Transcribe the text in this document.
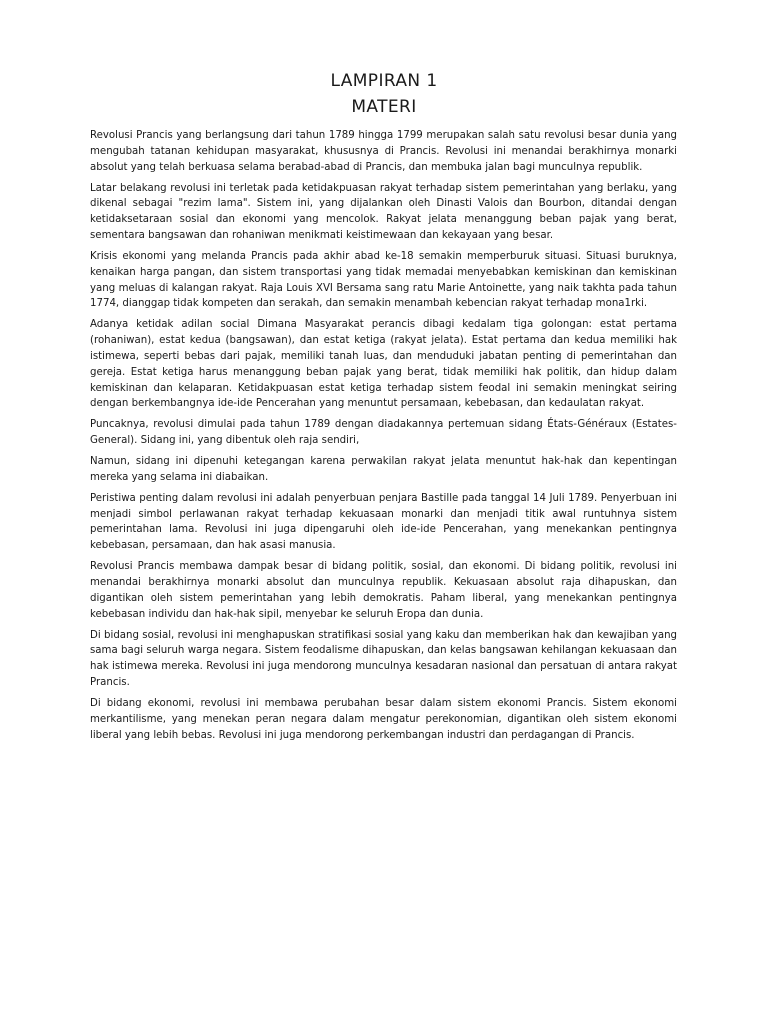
LAMPIRAN 1
MATERI

Revolusi Prancis yang berlangsung dari tahun 1789 hingga 1799 merupakan salah satu revolusi besar dunia yang mengubah tatanan kehidupan masyarakat, khususnya di Prancis. Revolusi ini menandai berakhirnya monarki absolut yang telah berkuasa selama berabad-abad di Prancis, dan membuka jalan bagi munculnya republik.

Latar belakang revolusi ini terletak pada ketidakpuasan rakyat terhadap sistem pemerintahan yang berlaku, yang dikenal sebagai "rezim lama". Sistem ini, yang dijalankan oleh Dinasti Valois dan Bourbon, ditandai dengan ketidaksetaraan sosial dan ekonomi yang mencolok. Rakyat jelata menanggung beban pajak yang berat, sementara bangsawan dan rohaniwan menikmati keistimewaan dan kekayaan yang besar.

Krisis ekonomi yang melanda Prancis pada akhir abad ke-18 semakin memperburuk situasi. Situasi buruknya, kenaikan harga pangan, dan sistem transportasi yang tidak memadai menyebabkan kemiskinan dan kemiskinan yang meluas di kalangan rakyat. Raja Louis XVI Bersama sang ratu Marie Antoinette, yang naik takhta pada tahun 1774, dianggap tidak kompeten dan serakah, dan semakin menambah kebencian rakyat terhadap mona1rki.

Adanya ketidak adilan social Dimana Masyarakat perancis dibagi kedalam tiga golongan: estat pertama (rohaniwan), estat kedua (bangsawan), dan estat ketiga (rakyat jelata). Estat pertama dan kedua memiliki hak istimewa, seperti bebas dari pajak, memiliki tanah luas, dan menduduki jabatan penting di pemerintahan dan gereja. Estat ketiga harus menanggung beban pajak yang berat, tidak memiliki hak politik, dan hidup dalam kemiskinan dan kelaparan. Ketidakpuasan estat ketiga terhadap sistem feodal ini semakin meningkat seiring dengan berkembangnya ide-ide Pencerahan yang menuntut persamaan, kebebasan, dan kedaulatan rakyat.

Puncaknya, revolusi dimulai pada tahun 1789 dengan diadakannya pertemuan sidang États-Généraux (Estates-General). Sidang ini, yang dibentuk oleh raja sendiri,

Namun, sidang ini dipenuhi ketegangan karena perwakilan rakyat jelata menuntut hak-hak dan kepentingan mereka yang selama ini diabaikan.

Peristiwa penting dalam revolusi ini adalah penyerbuan penjara Bastille pada tanggal 14 Juli 1789. Penyerbuan ini menjadi simbol perlawanan rakyat terhadap kekuasaan monarki dan menjadi titik awal runtuhnya sistem pemerintahan lama. Revolusi ini juga dipengaruhi oleh ide-ide Pencerahan, yang menekankan pentingnya kebebasan, persamaan, dan hak asasi manusia.

Revolusi Prancis membawa dampak besar di bidang politik, sosial, dan ekonomi. Di bidang politik, revolusi ini menandai berakhirnya monarki absolut dan munculnya republik. Kekuasaan absolut raja dihapuskan, dan digantikan oleh sistem pemerintahan yang lebih demokratis. Paham liberal, yang menekankan pentingnya kebebasan individu dan hak-hak sipil, menyebar ke seluruh Eropa dan dunia.

Di bidang sosial, revolusi ini menghapuskan stratifikasi sosial yang kaku dan memberikan hak dan kewajiban yang sama bagi seluruh warga negara. Sistem feodalisme dihapuskan, dan kelas bangsawan kehilangan kekuasaan dan hak istimewa mereka. Revolusi ini juga mendorong munculnya kesadaran nasional dan persatuan di antara rakyat Prancis.

Di bidang ekonomi, revolusi ini membawa perubahan besar dalam sistem ekonomi Prancis. Sistem ekonomi merkantilisme, yang menekan peran negara dalam mengatur perekonomian, digantikan oleh sistem ekonomi liberal yang lebih bebas. Revolusi ini juga mendorong perkembangan industri dan perdagangan di Prancis.
